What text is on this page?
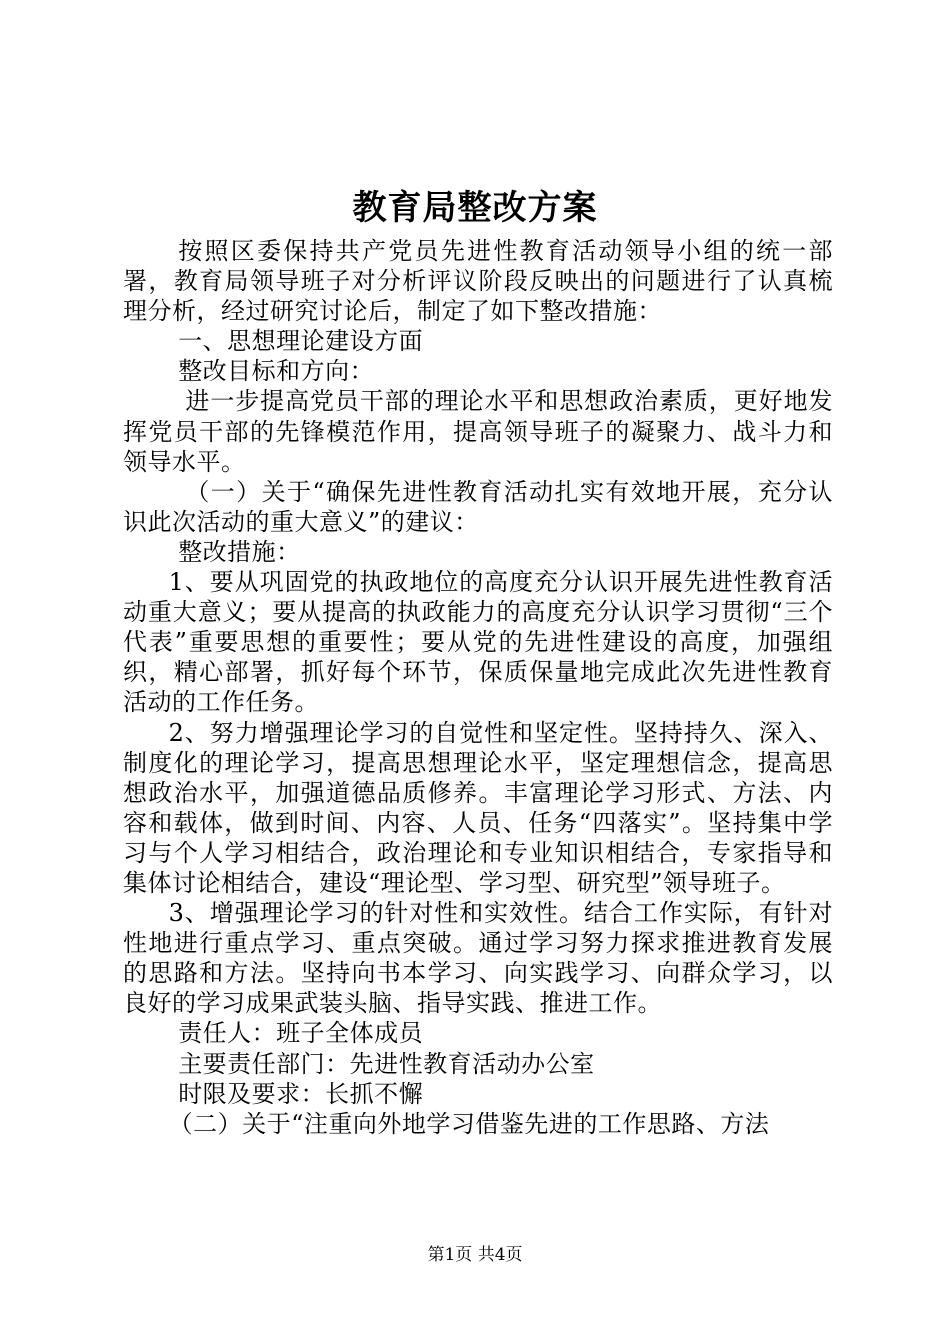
教育局整改方案

按照区委保持共产党员先进性教育活动领导小组的统一部署，教育局领导班子对分析评议阶段反映出的问题进行了认真梳理分析，经过研究讨论后，制定了如下整改措施：

一、思想理论建设方面

整改目标和方向：

进一步提高党员干部的理论水平和思想政治素质，更好地发挥党员干部的先锋模范作用，提高领导班子的凝聚力、战斗力和领导水平。

（一）关于“确保先进性教育活动扎实有效地开展，充分认识此次活动的重大意义”的建议：

整改措施：

1、要从巩固党的执政地位的高度充分认识开展先进性教育活动重大意义；要从提高的执政能力的高度充分认识学习贯彻“三个代表”重要思想的重要性；要从党的先进性建设的高度，加强组织，精心部署，抓好每个环节，保质保量地完成此次先进性教育活动的工作任务。

2、努力增强理论学习的自觉性和坚定性。坚持持久、深入、制度化的理论学习，提高思想理论水平，坚定理想信念，提高思想政治水平，加强道德品质修养。丰富理论学习形式、方法、内容和载体，做到时间、内容、人员、任务“四落实”。坚持集中学习与个人学习相结合，政治理论和专业知识相结合，专家指导和集体讨论相结合，建设“理论型、学习型、研究型”领导班子。

3、增强理论学习的针对性和实效性。结合工作实际，有针对性地进行重点学习、重点突破。通过学习努力探求推进教育发展的思路和方法。坚持向书本学习、向实践学习、向群众学习，以良好的学习成果武装头脑、指导实践、推进工作。

责任人：班子全体成员

主要责任部门：先进性教育活动办公室

时限及要求：长抓不懈

（二）关于“注重向外地学习借鉴先进的工作思路、方法

第1页 共4页
